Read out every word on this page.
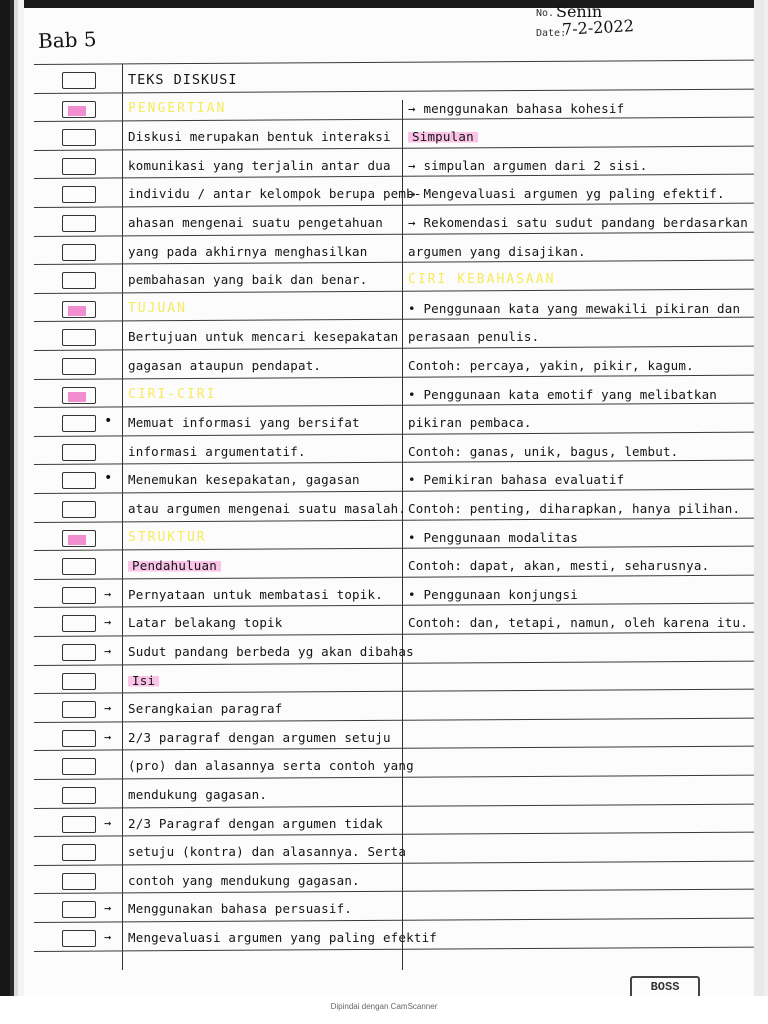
Bab 5
No. Senin
Date:
7-2-2022
BOSS
TEKS DISKUSI
PENGERTIAN
Diskusi merupakan bentuk interaksi
komunikasi yang terjalin antar dua
individu / antar kelompok berupa pemb-
ahasan mengenai suatu pengetahuan
yang pada akhirnya menghasilkan
pembahasan yang baik dan benar.
TUJUAN
Bertujuan untuk mencari kesepakatan
gagasan ataupun pendapat.
CIRI-CIRI
• Memuat informasi yang bersifat
informasi argumentatif.
• Menemukan kesepakatan, gagasan
atau argumen mengenai suatu masalah.
STRUKTUR
Pendahuluan
→ Pernyataan untuk membatasi topik.
→ Latar belakang topik
→ Sudut pandang berbeda yg akan dibahas
Isi
→ Serangkaian paragraf
→ 2/3 paragraf dengan argumen setuju
(pro) dan alasannya serta contoh yang
mendukung gagasan.
→ 2/3 Paragraf dengan argumen tidak
setuju (kontra) dan alasannya. Serta
contoh yang mendukung gagasan.
→ Menggunakan bahasa persuasif.
→ Mengevaluasi argumen yang paling efektif
→ menggunakan bahasa kohesif
Simpulan
→ simpulan argumen dari 2 sisi.
→ Mengevaluasi argumen yg paling efektif.
→ Rekomendasi satu sudut pandang berdasarkan
argumen yang disajikan.
CIRI KEBAHASAAN
• Penggunaan kata yang mewakili pikiran dan
perasaan penulis.
Contoh: percaya, yakin, pikir, kagum.
• Penggunaan kata emotif yang melibatkan
pikiran pembaca.
Contoh: ganas, unik, bagus, lembut.
• Pemikiran bahasa evaluatif
Contoh: penting, diharapkan, hanya pilihan.
• Penggunaan modalitas
Contoh: dapat, akan, mesti, seharusnya.
• Penggunaan konjungsi
Contoh: dan, tetapi, namun, oleh karena itu.
Dipindai dengan CamScanner
